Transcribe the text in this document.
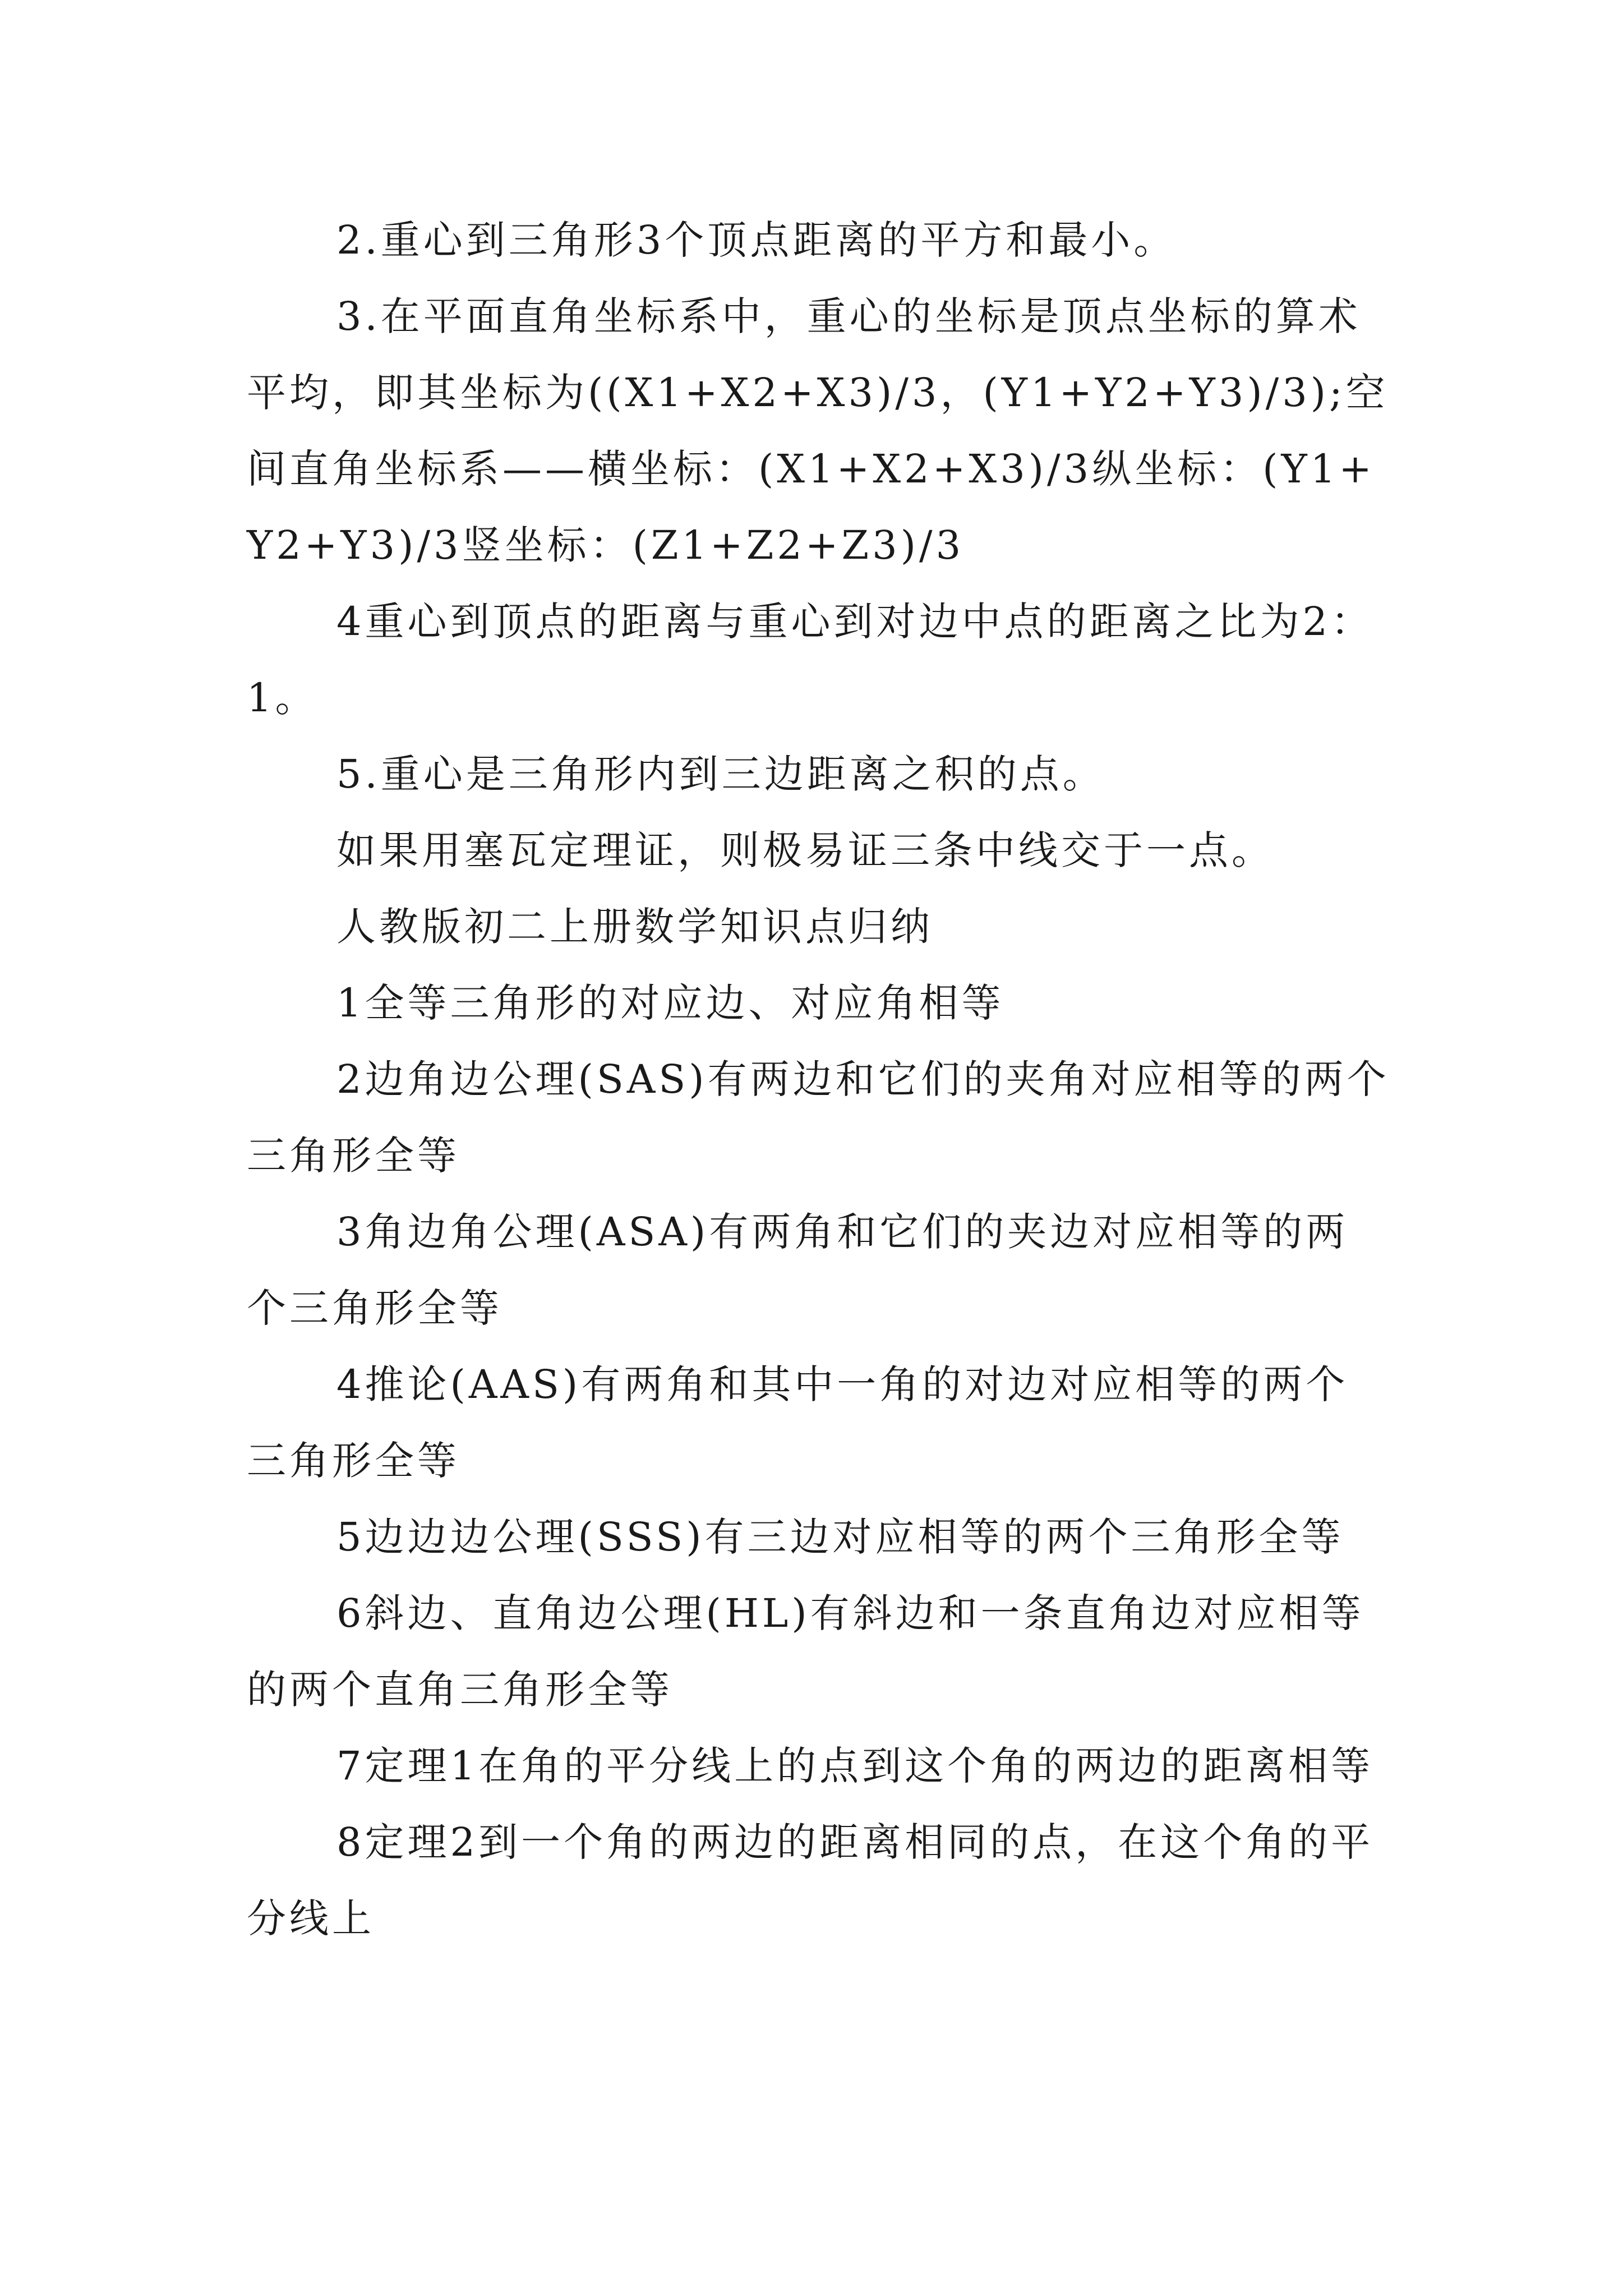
2.重心到三角形3个顶点距离的平方和最小。

3.在平面直角坐标系中，重心的坐标是顶点坐标的算术平均，即其坐标为((X1+X2+X3)/3，(Y1+Y2+Y3)/3);空间直角坐标系——横坐标：(X1+X2+X3)/3纵坐标：(Y1+Y2+Y3)/3竖坐标：(Z1+Z2+Z3)/3

4重心到顶点的距离与重心到对边中点的距离之比为2：1。

5.重心是三角形内到三边距离之积的点。

如果用塞瓦定理证，则极易证三条中线交于一点。

人教版初二上册数学知识点归纳

1全等三角形的对应边、对应角相等

2边角边公理(SAS)有两边和它们的夹角对应相等的两个三角形全等

3角边角公理(ASA)有两角和它们的夹边对应相等的两个三角形全等

4推论(AAS)有两角和其中一角的对边对应相等的两个三角形全等

5边边边公理(SSS)有三边对应相等的两个三角形全等

6斜边、直角边公理(HL)有斜边和一条直角边对应相等的两个直角三角形全等

7定理1在角的平分线上的点到这个角的两边的距离相等

8定理2到一个角的两边的距离相同的点，在这个角的平分线上
